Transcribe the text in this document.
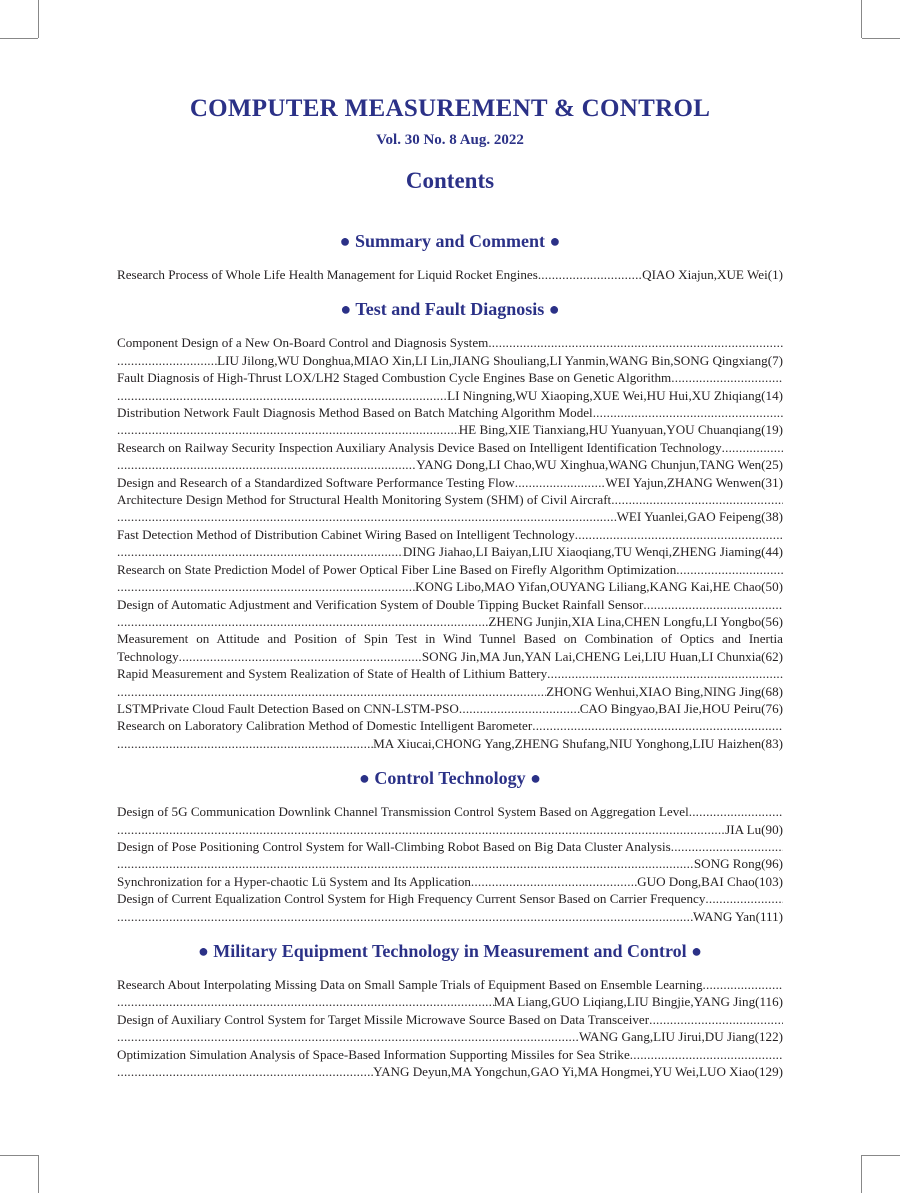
COMPUTER MEASUREMENT & CONTROL
Vol. 30 No. 8 Aug. 2022
Contents
● Summary and Comment ●
Research Process of Whole Life Health Management for Liquid Rocket Engines .....	QIAO Xiajun,XUE Wei(1)
● Test and Fault Diagnosis ●
Component Design of a New On-Board Control and Diagnosis System
.....
.....
LIU Jilong,WU Donghua,MIAO Xin,LI Lin,JIANG Shouliang,LI Yanmin,WANG Bin,SONG Qingxiang(7)
Fault Diagnosis of High-Thrust LOX/LH2 Staged Combustion Cycle Engines Base on Genetic Algorithm
.....
.....
LI Ningning,WU Xiaoping,XUE Wei,HU Hui,XU Zhiqiang(14)
Distribution Network Fault Diagnosis Method Based on Batch Matching Algorithm Model
.....
.....
HE Bing,XIE Tianxiang,HU Yuanyuan,YOU Chuanqiang(19)
Research on Railway Security Inspection Auxiliary Analysis Device Based on Intelligent Identification Technology
.....
.....
YANG Dong,LI Chao,WU Xinghua,WANG Chunjun,TANG Wen(25)
Design and Research of a Standardized Software Performance Testing Flow .....	WEI Yajun,ZHANG Wenwen(31)
Architecture Design Method for Structural Health Monitoring System (SHM) of Civil Aircraft
.....
.....
WEI Yuanlei,GAO Feipeng(38)
Fast Detection Method of Distribution Cabinet Wiring Based on Intelligent Technology
.....
.....
DING Jiahao,LI Baiyan,LIU Xiaoqiang,TU Wenqi,ZHENG Jiaming(44)
Research on State Prediction Model of Power Optical Fiber Line Based on Firefly Algorithm Optimization
.....
.....
KONG Libo,MAO Yifan,OUYANG Liliang,KANG Kai,HE Chao(50)
Design of Automatic Adjustment and Verification System of Double Tipping Bucket Rainfall Sensor
.....
.....
ZHENG Junjin,XIA Lina,CHEN Longfu,LI Yongbo(56)
Measurement on Attitude and Position of Spin Test in Wind Tunnel Based on Combination of Optics and Inertia
Technology .....	SONG Jin,MA Jun,YAN Lai,CHENG Lei,LIU Huan,LI Chunxia(62)
Rapid Measurement and System Realization of State of Health of Lithium Battery
.....
.....
ZHONG Wenhui,XIAO Bing,NING Jing(68)
LSTMPrivate Cloud Fault Detection Based on CNN-LSTM-PSO .....	CAO Bingyao,BAI Jie,HOU Peiru(76)
Research on Laboratory Calibration Method of Domestic Intelligent Barometer
.....
.....
MA Xiucai,CHONG Yang,ZHENG Shufang,NIU Yonghong,LIU Haizhen(83)
● Control Technology ●
Design of 5G Communication Downlink Channel Transmission Control System Based on Aggregation Level
.....
.....
JIA Lu(90)
Design of Pose Positioning Control System for Wall-Climbing Robot Based on Big Data Cluster Analysis
.....
.....
SONG Rong(96)
Synchronization for a Hyper-chaotic Lü System and Its Application .....	GUO Dong,BAI Chao(103)
Design of Current Equalization Control System for High Frequency Current Sensor Based on Carrier Frequency
.....
.....
WANG Yan(111)
● Military Equipment Technology in Measurement and Control ●
Research About Interpolating Missing Data on Small Sample Trials of Equipment Based on Ensemble Learning
.....
.....
MA Liang,GUO Liqiang,LIU Bingjie,YANG Jing(116)
Design of Auxiliary Control System for Target Missile Microwave Source Based on Data Transceiver
.....
.....
WANG Gang,LIU Jirui,DU Jiang(122)
Optimization Simulation Analysis of Space-Based Information Supporting Missiles for Sea Strike
.....
.....
YANG Deyun,MA Yongchun,GAO Yi,MA Hongmei,YU Wei,LUO Xiao(129)
